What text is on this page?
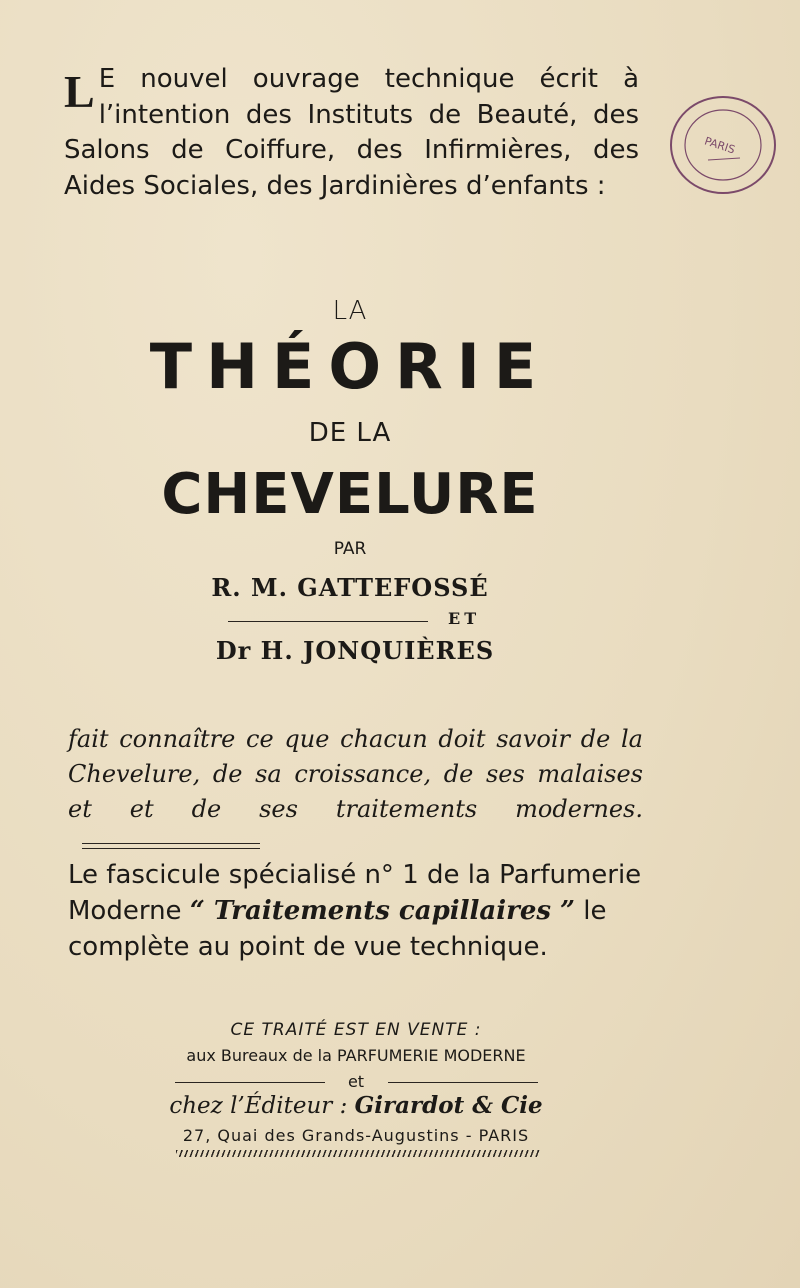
L E nouvel ouvrage technique écrit à l’intention des Instituts de Beauté, des Salons de Coiffure, des Infirmières, des Aides Sociales, des Jardinières d’enfants :
PARIS
LA
THÉORIE
DE LA
CHEVELURE
PAR
R. M. GATTEFOSSÉ
ET
Dr H. JONQUIÈRES
fait connaître ce que chacun doit savoir de la Chevelure, de sa croissance, de ses malaises et et de ses traitements modernes.
Le fascicule spécialisé n° 1 de la Parfumerie Moderne “ Traitements capillaires ” le complète au point de vue technique.
CE TRAITÉ EST EN VENTE :
aux Bureaux de la PARFUMERIE MODERNE
et
chez l’Éditeur : Girardot & Cie
27, Quai des Grands-Augustins - PARIS
